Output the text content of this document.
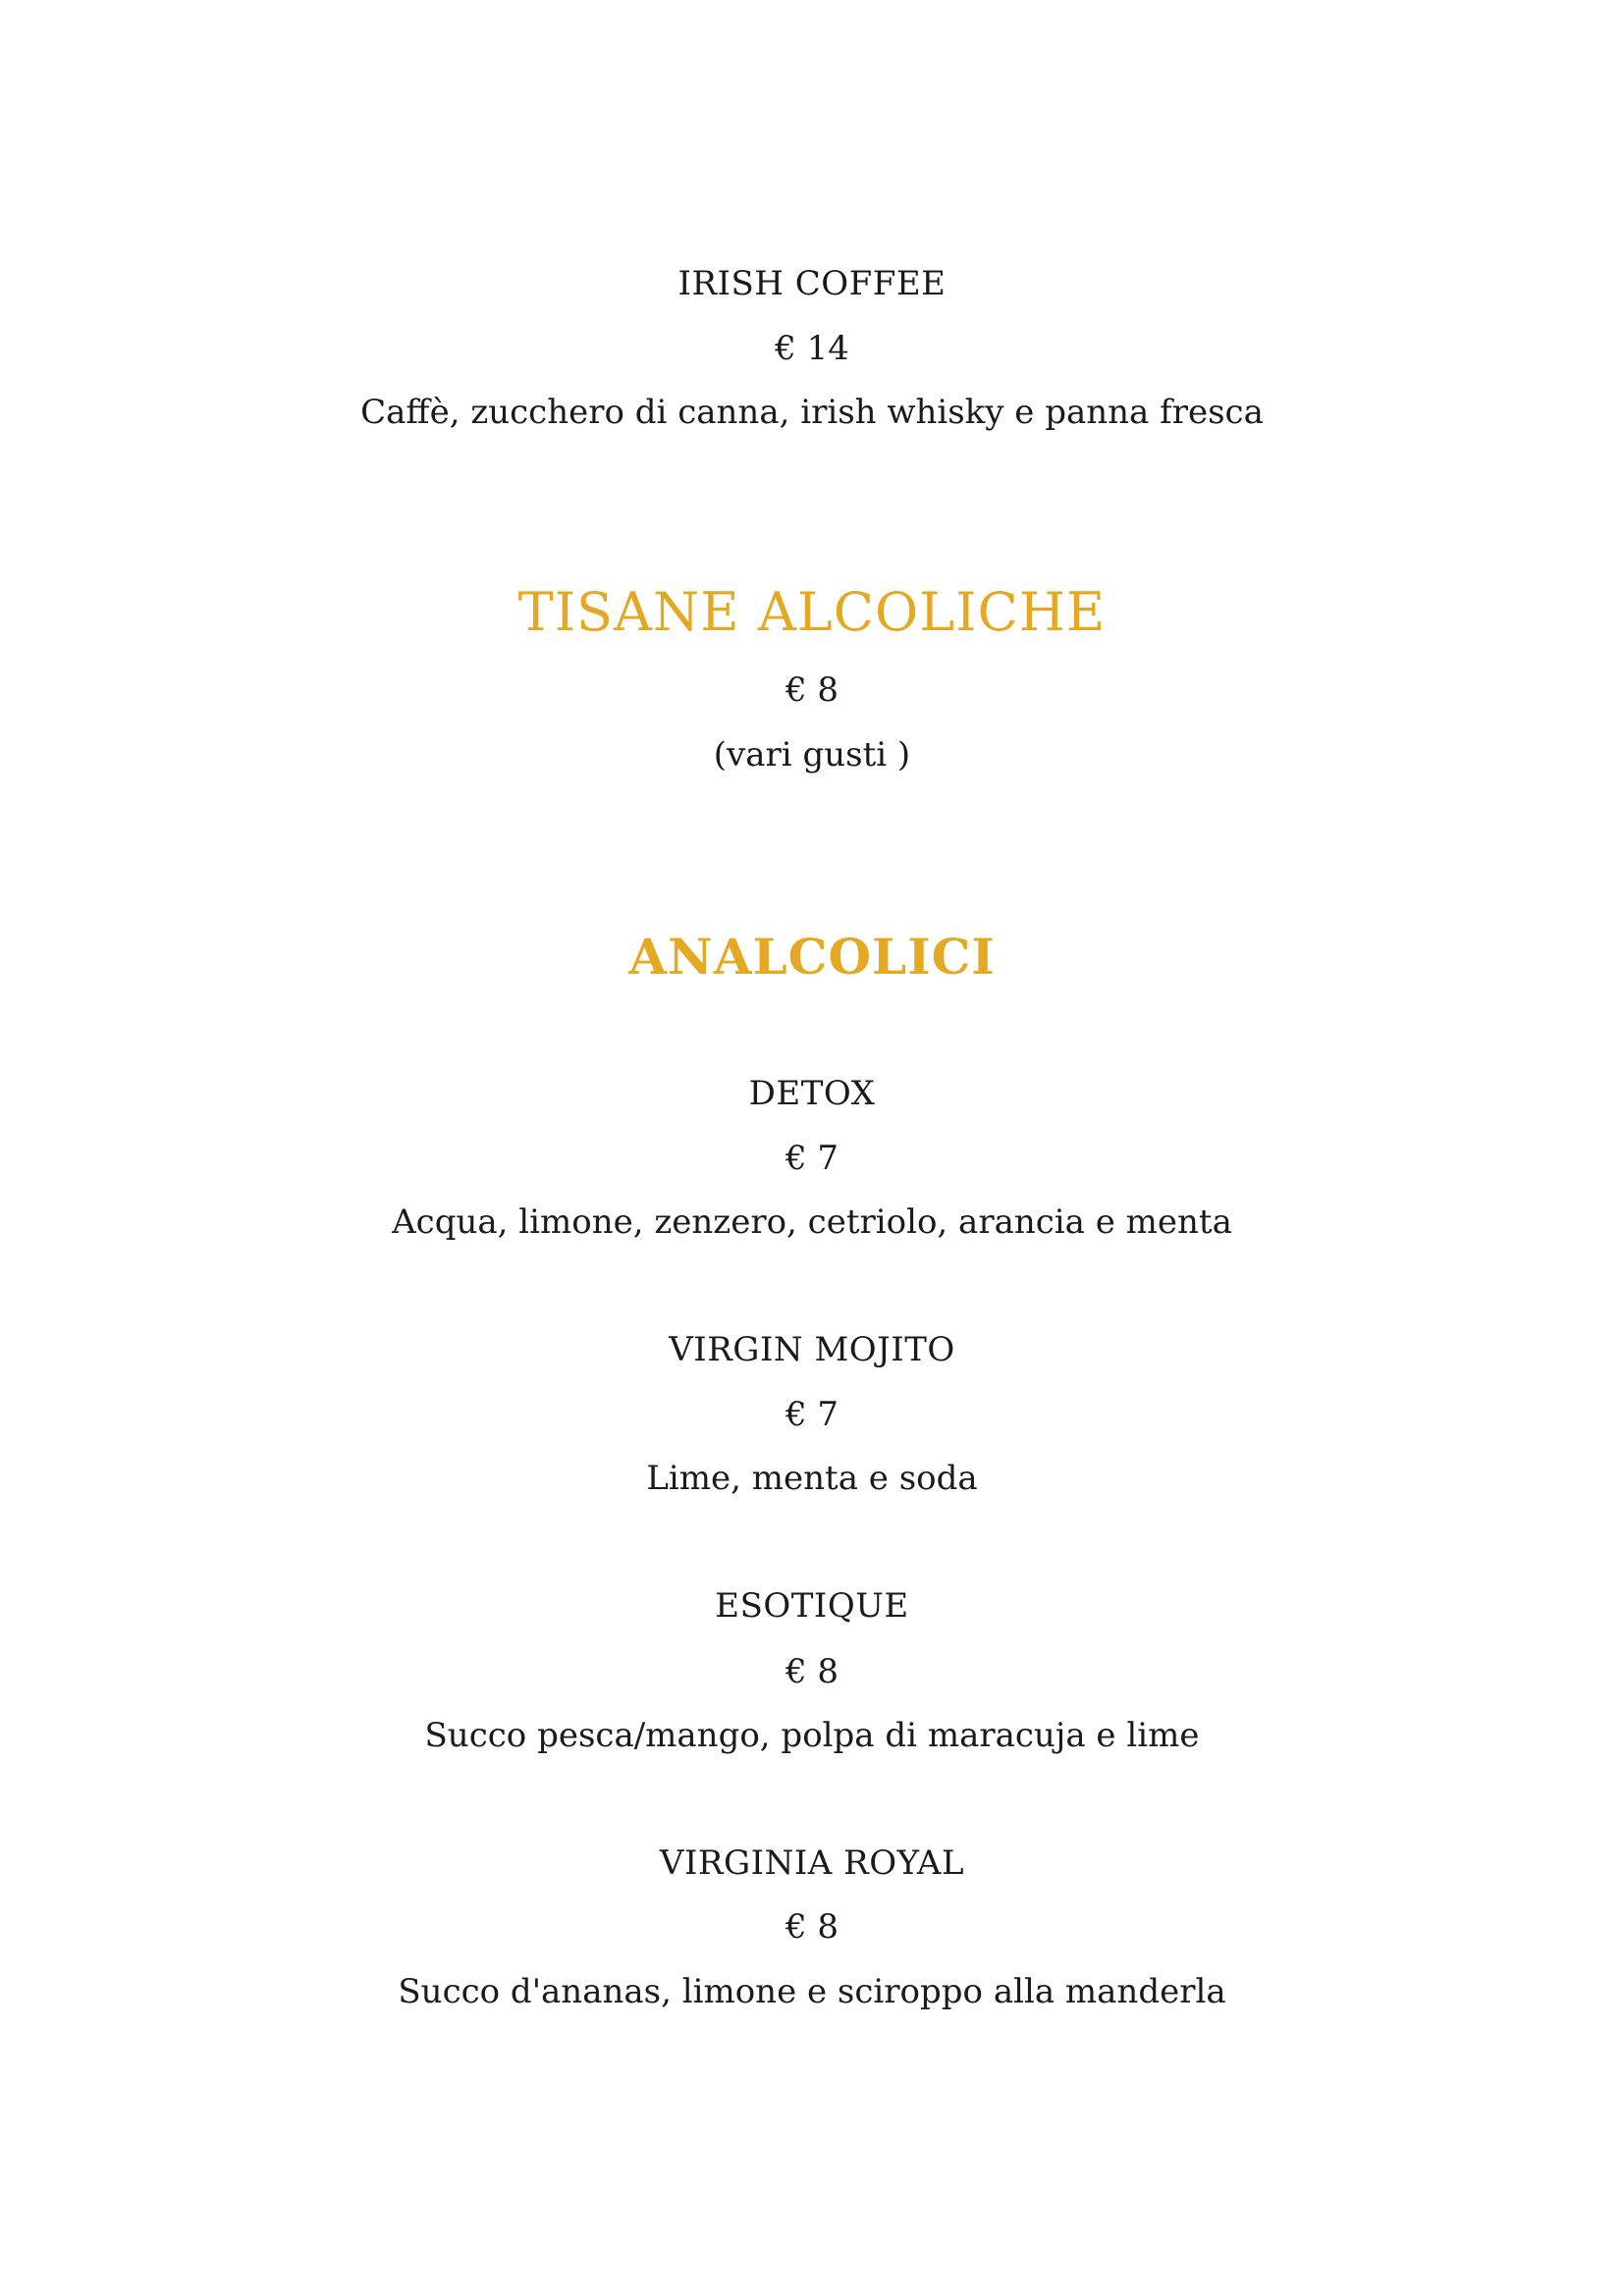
IRISH COFFEE
€ 14
Caffè, zucchero di canna, irish whisky e panna fresca
TISANE ALCOLICHE
€ 8
(vari gusti )
ANALCOLICI
DETOX
€ 7
Acqua, limone, zenzero, cetriolo, arancia e menta
VIRGIN MOJITO
€ 7
Lime, menta e soda
ESOTIQUE
€ 8
Succo pesca/mango, polpa di maracuja e lime
VIRGINIA ROYAL
€ 8
Succo d'ananas, limone e sciroppo alla manderla
